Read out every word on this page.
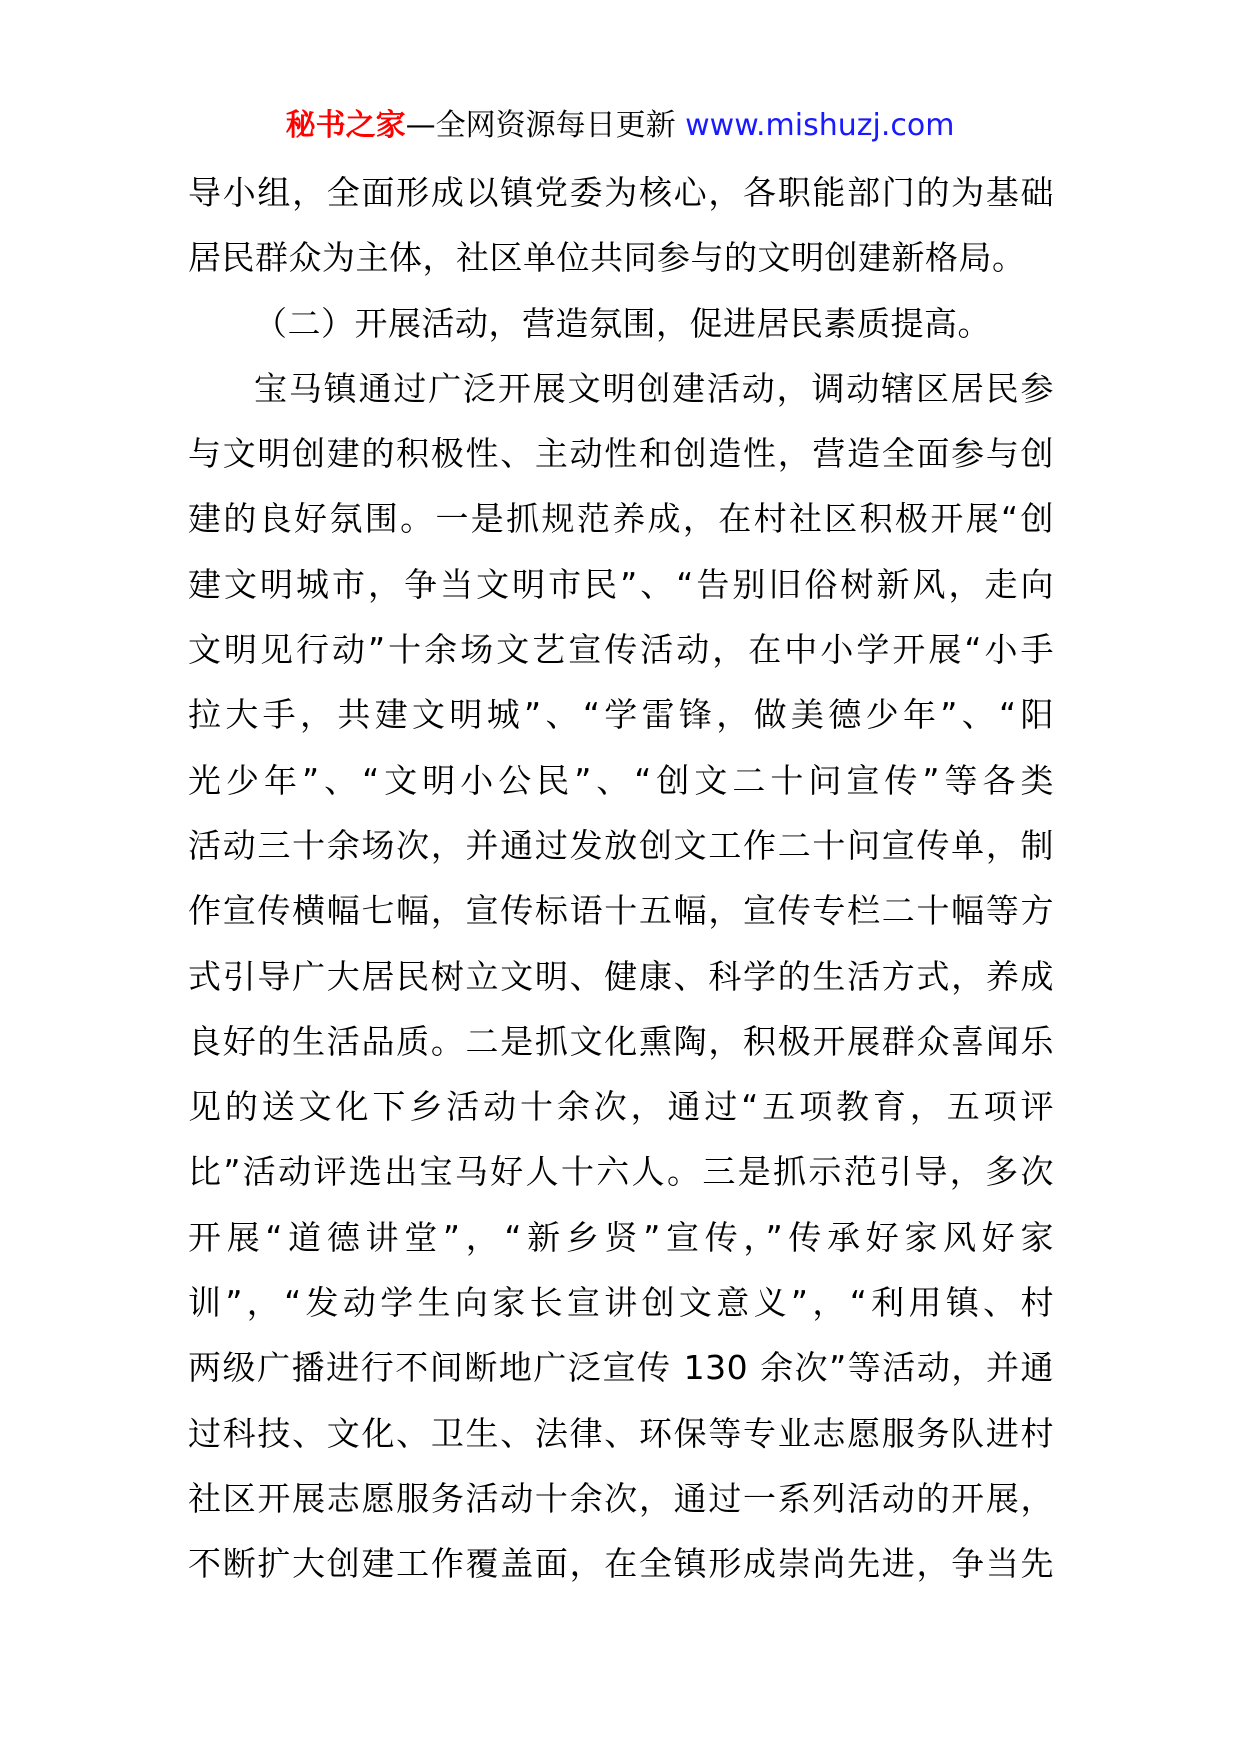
秘书之家—全网资源每日更新 www.mishuzj.com
导小组，全面形成以镇党委为核心，各职能部门的为基础
居民群众为主体，社区单位共同参与的文明创建新格局。
（二）开展活动，营造氛围，促进居民素质提高。
宝马镇通过广泛开展文明创建活动，调动辖区居民参
与文明创建的积极性、主动性和创造性，营造全面参与创
建的良好氛围。一是抓规范养成，在村社区积极开展“创
建文明城市，争当文明市民”、“告别旧俗树新风，走向
文明见行动”十余场文艺宣传活动，在中小学开展“小手
拉大手，共建文明城”、“学雷锋，做美德少年”、“阳
光少年”、“文明小公民”、“创文二十问宣传”等各类
活动三十余场次，并通过发放创文工作二十问宣传单，制
作宣传横幅七幅，宣传标语十五幅，宣传专栏二十幅等方
式引导广大居民树立文明、健康、科学的生活方式，养成
良好的生活品质。二是抓文化熏陶，积极开展群众喜闻乐
见的送文化下乡活动十余次，通过“五项教育，五项评
比”活动评选出宝马好人十六人。三是抓示范引导，多次
开展“道德讲堂”，“新乡贤”宣传，”传承好家风好家
训”，“发动学生向家长宣讲创文意义”，“利用镇、村
两级广播进行不间断地广泛宣传 130 余次”等活动，并通
过科技、文化、卫生、法律、环保等专业志愿服务队进村
社区开展志愿服务活动十余次，通过一系列活动的开展，
不断扩大创建工作覆盖面，在全镇形成崇尚先进，争当先
